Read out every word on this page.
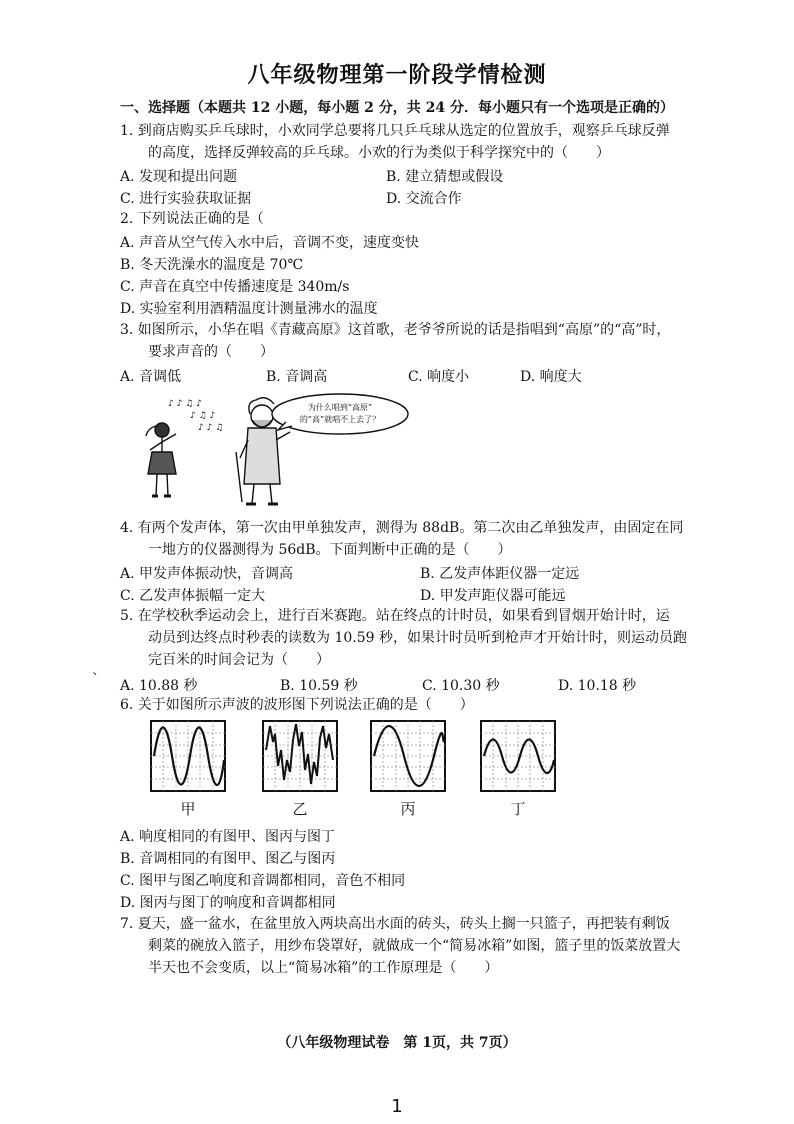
八年级物理第一阶段学情检测
一、选择题（本题共 12 小题，每小题 2 分，共 24 分．每小题只有一个选项是正确的）
1. 到商店购买乒乓球时，小欢同学总要将几只乒乓球从选定的位置放手，观察乒乓球反弹
的高度，选择反弹较高的乒乓球。小欢的行为类似于科学探究中的（　　）
A. 发现和提出问题	B. 建立猜想或假设
C. 进行实验获取证据	D. 交流合作
2. 下列说法正确的是（
A. 声音从空气传入水中后，音调不变，速度变快
B. 冬天洗澡水的温度是 70℃
C. 声音在真空中传播速度是 340m/s
D. 实验室利用酒精温度计测量沸水的温度
3. 如图所示，小华在唱《青藏高原》这首歌，老爷爷所说的话是指唱到“高原”的“高”时，
要求声音的（　　）
A. 音调低	B. 音调高	C. 响度小	D. 响度大
♪ ♪ ♫ ♪
♪ ♫ ♪
♪ ♪ ♫
为什么唱到“高原”
的“高”就唱不上去了？
4. 有两个发声体，第一次由甲单独发声，测得为 88dB。第二次由乙单独发声，由固定在同
一地方的仪器测得为 56dB。下面判断中正确的是（　　）
A. 甲发声体振动快，音调高	B. 乙发声体距仪器一定远
C. 乙发声体振幅一定大	D. 甲发声距仪器可能远
5. 在学校秋季运动会上，进行百米赛跑。站在终点的计时员，如果看到冒烟开始计时，运
动员到达终点时秒表的读数为 10.59 秒，如果计时员听到枪声才开始计时，则运动员跑
完百米的时间会记为（　　）
A. 10.88 秒	B. 10.59 秒	C. 10.30 秒	D. 10.18 秒
`
6. 关于如图所示声波的波形图下列说法正确的是（　　）
甲	乙	丙	丁
A. 响度相同的有图甲、图丙与图丁
B. 音调相同的有图甲、图乙与图丙
C. 图甲与图乙响度和音调都相同，音色不相同
D. 图丙与图丁的响度和音调都相同
7. 夏天，盛一盆水，在盆里放入两块高出水面的砖头，砖头上搁一只篮子，再把装有剩饭
剩菜的碗放入篮子，用纱布袋罩好，就做成一个“简易冰箱”如图，篮子里的饭菜放置大
半天也不会变质，以上“简易冰箱”的工作原理是（　　）
（八年级物理试卷　第 1页，共 7页）
1
